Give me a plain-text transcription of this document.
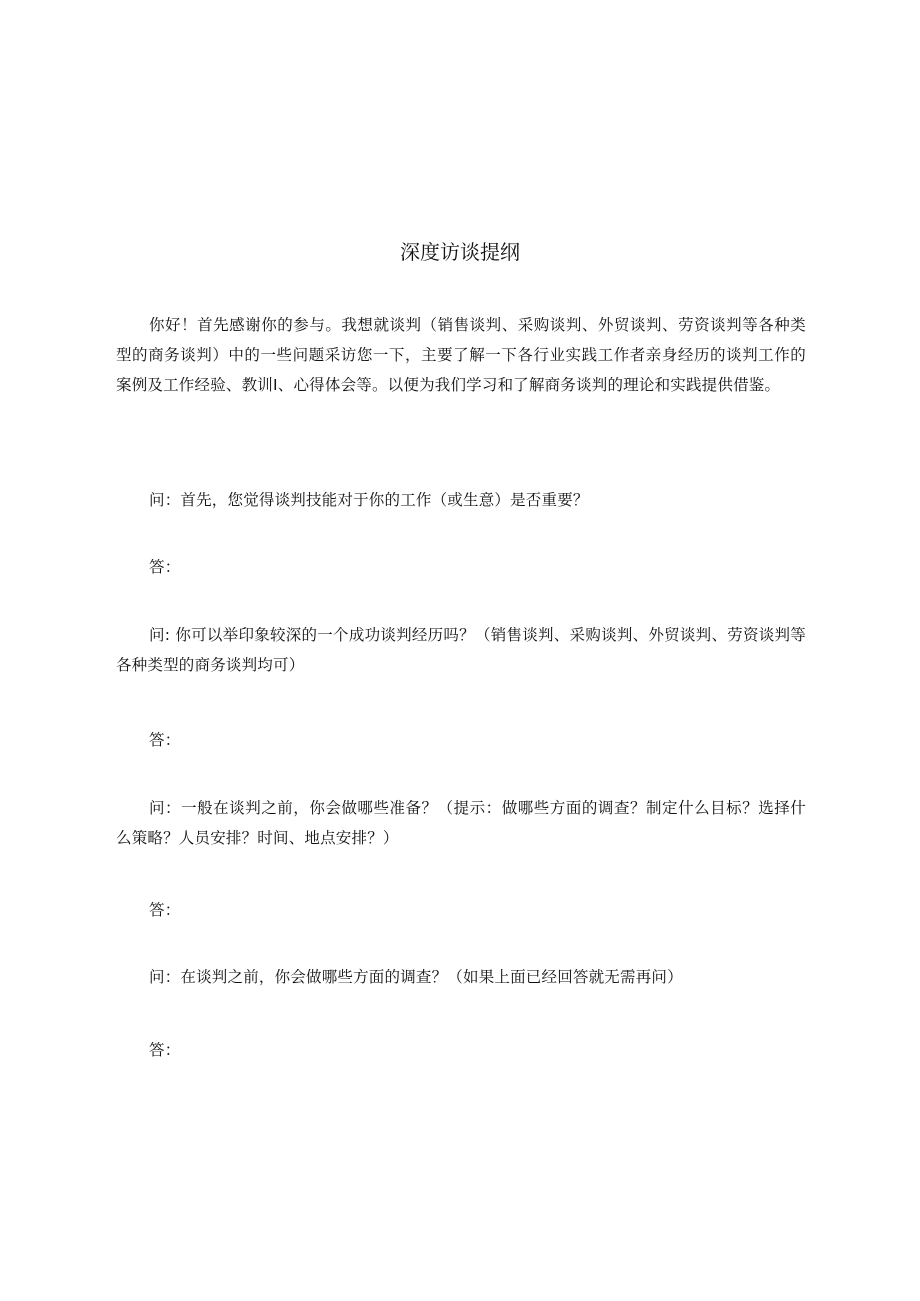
深度访谈提纲

你好！首先感谢你的参与。我想就谈判（销售谈判、采购谈判、外贸谈判、劳资谈判等各种类型的商务谈判）中的一些问题采访您一下，主要了解一下各行业实践工作者亲身经历的谈判工作的案例及工作经验、教训I、心得体会等。以便为我们学习和了解商务谈判的理论和实践提供借鉴。

问：首先，您觉得谈判技能对于你的工作（或生意）是否重要？

答：

问: 你可以举印象较深的一个成功谈判经历吗？（销售谈判、采购谈判、外贸谈判、劳资谈判等各种类型的商务谈判均可）

答：

问：一般在谈判之前，你会做哪些准备？（提示：做哪些方面的调查？制定什么目标？选择什么策略？人员安排？时间、地点安排？）

答：

问：在谈判之前，你会做哪些方面的调查？（如果上面已经回答就无需再问）

答：
